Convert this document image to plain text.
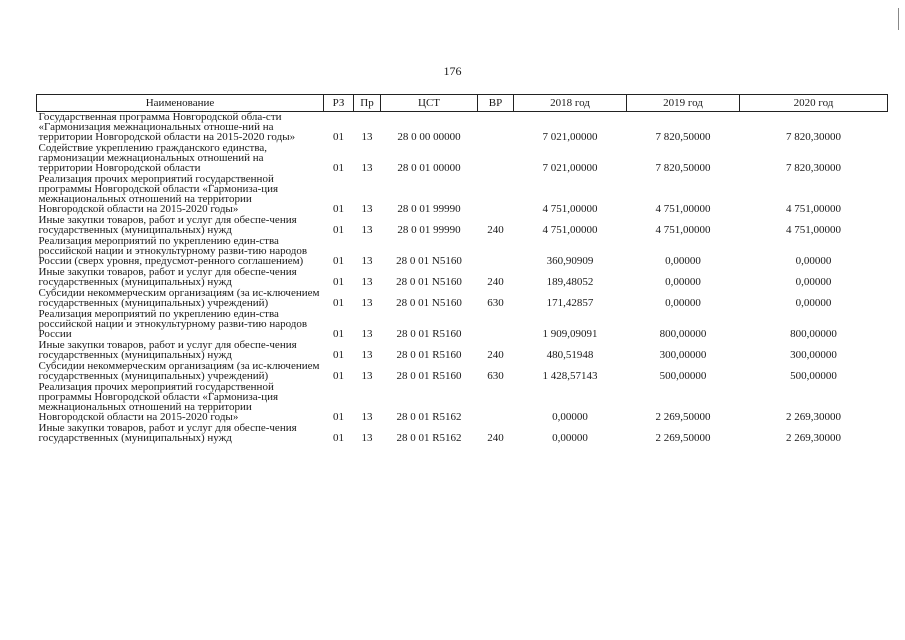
176
Наименование	РЗ	Пр	ЦСТ	ВР	2018 год	2019 год	2020 год
Государственная программа Новгородской обла-сти «Гармонизация межнациональных отноше-ний на территории Новгородской области на 2015-2020 годы»	01	13	28 0 00 00000		7 021,00000	7 820,50000	7 820,30000
Содействие укреплению гражданского единства, гармонизации межнациональных отношений на территории Новгородской области	01	13	28 0 01 00000		7 021,00000	7 820,50000	7 820,30000
Реализация прочих мероприятий государственной программы Новгородской области «Гармониза-ция межнациональных отношений на территории Новгородской области на 2015-2020 годы»	01	13	28 0 01 99990		4 751,00000	4 751,00000	4 751,00000
Иные закупки товаров, работ и услуг для обеспе-чения государственных (муниципальных) нужд	01	13	28 0 01 99990	240	4 751,00000	4 751,00000	4 751,00000
Реализация мероприятий по укреплению един-ства российской нации и этнокультурному разви-тию народов России (сверх уровня, предусмот-ренного соглашением)	01	13	28 0 01 N5160		360,90909	0,00000	0,00000
Иные закупки товаров, работ и услуг для обеспе-чения государственных (муниципальных) нужд	01	13	28 0 01 N5160	240	189,48052	0,00000	0,00000
Субсидии некоммерческим организациям (за ис-ключением государственных (муниципальных) учреждений)	01	13	28 0 01 N5160	630	171,42857	0,00000	0,00000
Реализация мероприятий по укреплению един-ства российской нации и этнокультурному разви-тию народов России	01	13	28 0 01 R5160		1 909,09091	800,00000	800,00000
Иные закупки товаров, работ и услуг для обеспе-чения государственных (муниципальных) нужд	01	13	28 0 01 R5160	240	480,51948	300,00000	300,00000
Субсидии некоммерческим организациям (за ис-ключением государственных (муниципальных) учреждений)	01	13	28 0 01 R5160	630	1 428,57143	500,00000	500,00000
Реализация прочих мероприятий государственной программы Новгородской области «Гармониза-ция межнациональных отношений на территории Новгородской области на 2015-2020 годы»	01	13	28 0 01 R5162		0,00000	2 269,50000	2 269,30000
Иные закупки товаров, работ и услуг для обеспе-чения государственных (муниципальных) нужд	01	13	28 0 01 R5162	240	0,00000	2 269,50000	2 269,30000
